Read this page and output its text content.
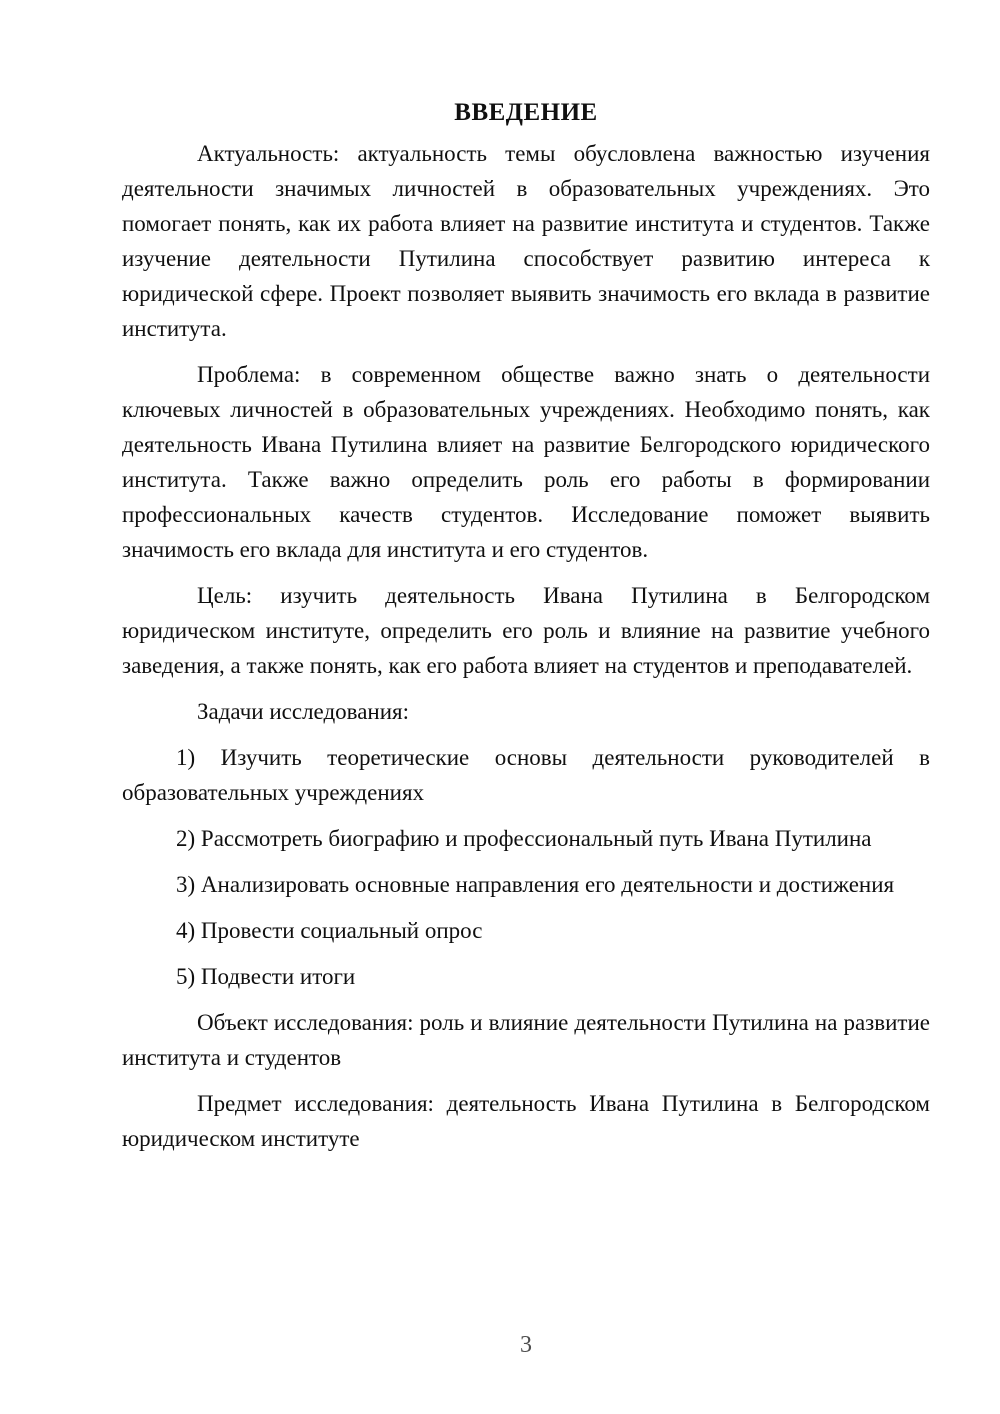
ВВЕДЕНИЕ

Актуальность: актуальность темы обусловлена важностью изучения деятельности значимых личностей в образовательных учреждениях. Это помогает понять, как их работа влияет на развитие института и студентов. Также изучение деятельности Путилина способствует развитию интереса к юридической сфере. Проект позволяет выявить значимость его вклада в развитие института.

Проблема: в современном обществе важно знать о деятельности ключевых личностей в образовательных учреждениях. Необходимо понять, как деятельность Ивана Путилина влияет на развитие Белгородского юридического института. Также важно определить роль его работы в формировании профессиональных качеств студентов. Исследование поможет выявить значимость его вклада для института и его студентов.

Цель: изучить деятельность Ивана Путилина в Белгородском юридическом институте, определить его роль и влияние на развитие учебного заведения, а также понять, как его работа влияет на студентов и преподавателей.

Задачи исследования:

1) Изучить теоретические основы деятельности руководителей в образовательных учреждениях

2) Рассмотреть биографию и профессиональный путь Ивана Путилина

3) Анализировать основные направления его деятельности и достижения

4) Провести социальный опрос

5) Подвести итоги

Объект исследования: роль и влияние деятельности Путилина на развитие института и студентов

Предмет исследования: деятельность Ивана Путилина в Белгородском юридическом институте

3
